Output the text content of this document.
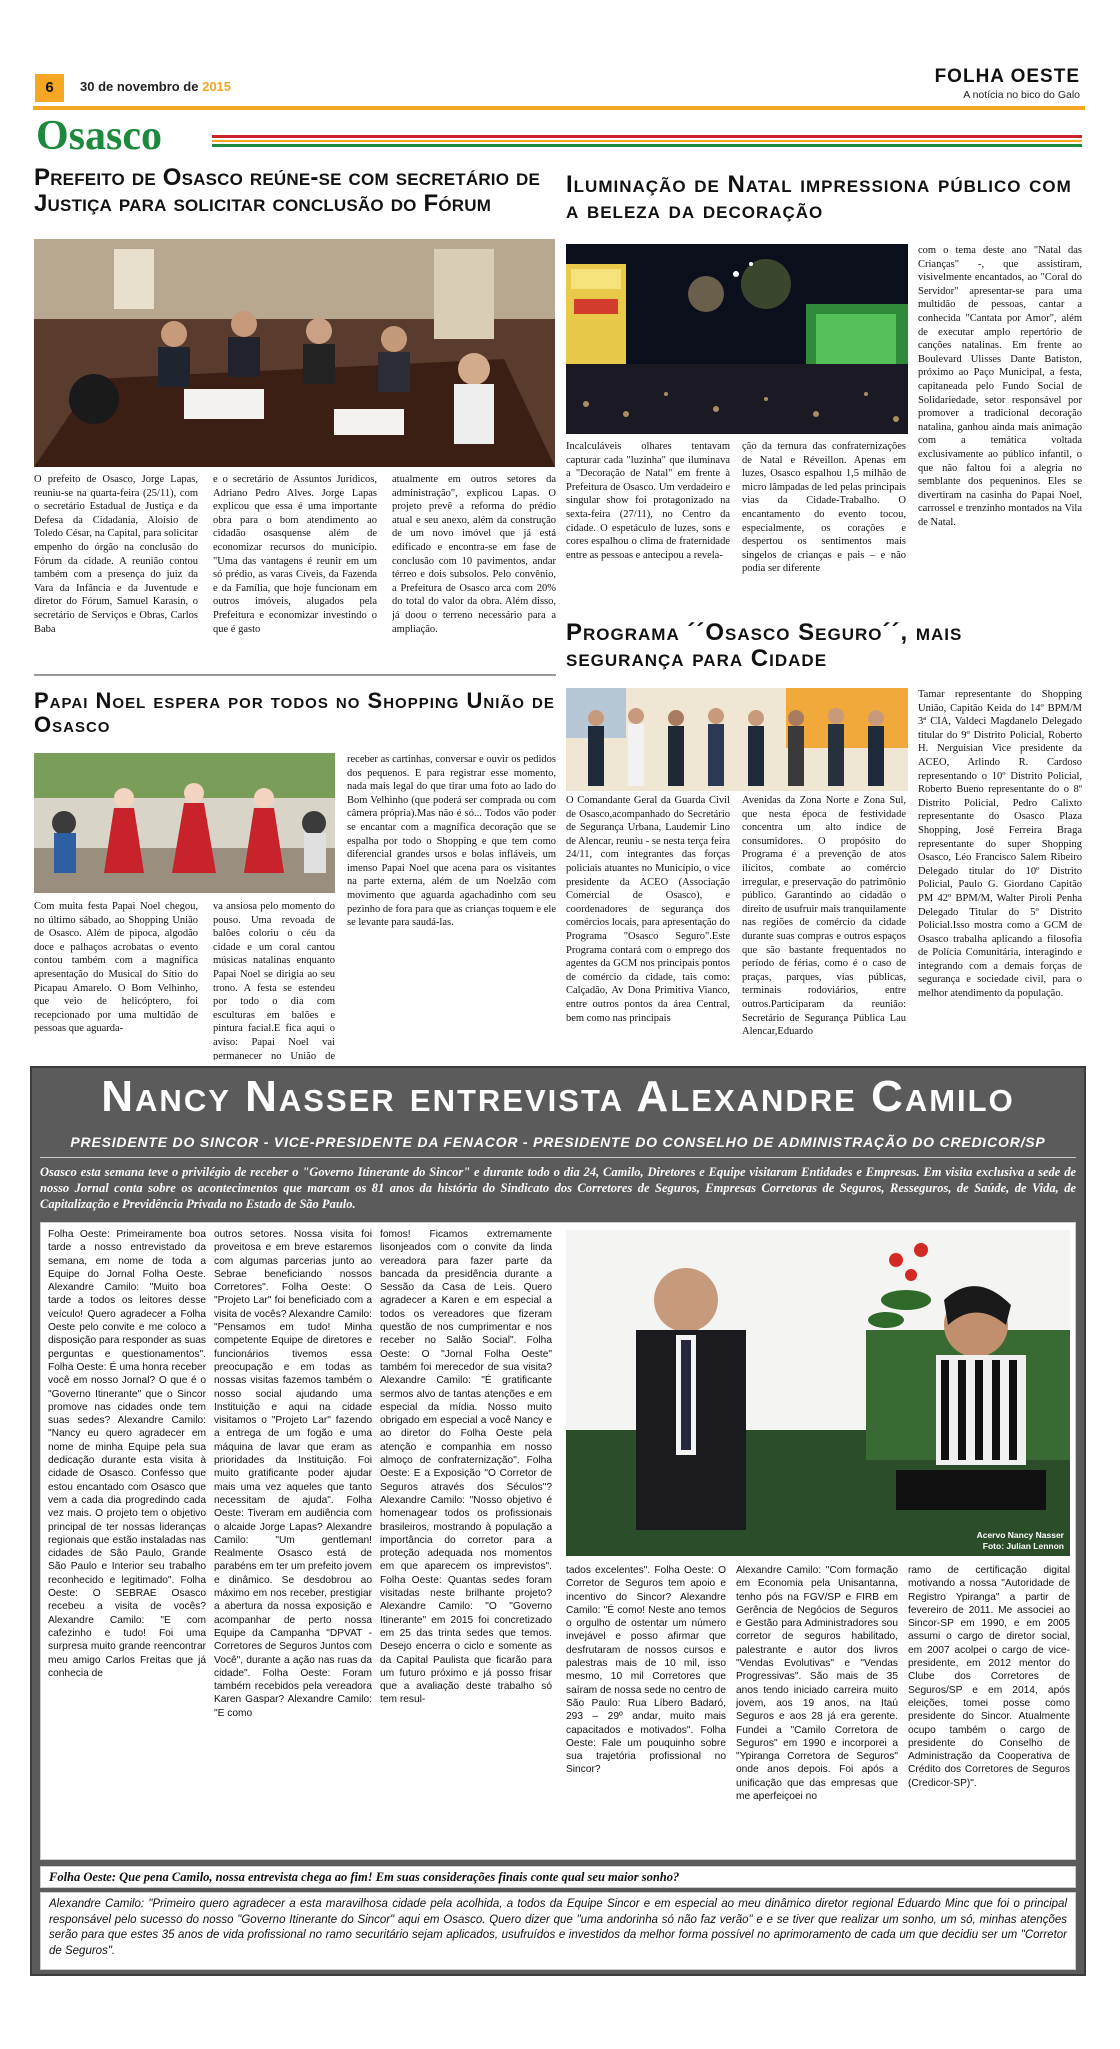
6	30 de novembro de 2015	FOLHA OESTE
A notícia no bico do Galo
Osasco
Prefeito de Osasco reúne-se com secretário de Justiça para solicitar conclusão do Fórum
O prefeito de Osasco, Jorge Lapas, reuniu-se na quarta-feira (25/11), com o secretário Estadual de Justiça e da Defesa da Cidadania, Aloísio de Toledo César, na Capital, para solicitar empenho do órgão na conclusão do Fórum da cidade. A reunião contou também com a presença do juiz da Vara da Infância e da Juventude e diretor do Fórum, Samuel Karasin, o secretário de Serviços e Obras, Carlos Baba
e o secretário de Assuntos Jurídicos, Adriano Pedro Alves. Jorge Lapas explicou que essa é uma importante obra para o bom atendimento ao cidadão osasquense além de economizar recursos do município. "Uma das vantagens é reunir em um só prédio, as varas Cíveis, da Fazenda e da Família, que hoje funcionam em outros imóveis, alugados pela Prefeitura e economizar investindo o que é gasto
atualmente em outros setores da administração", explicou Lapas. O projeto prevê a reforma do prédio atual e seu anexo, além da construção de um novo imóvel que já está edificado e encontra-se em fase de conclusão com 10 pavimentos, andar térreo e dois subsolos. Pelo convênio, a Prefeitura de Osasco arca com 20% do total do valor da obra. Além disso, já doou o terreno necessário para a ampliação.
Iluminação de Natal impressiona público com a beleza da decoração
com o tema deste ano "Natal das Crianças" -, que assistiram, visivelmente encantados, ao "Coral do Servidor" apresentar-se para uma multidão de pessoas, cantar a conhecida "Cantata por Amor", além de executar amplo repertório de canções natalinas. Em frente ao Boulevard Ulisses Dante Batiston, próximo ao Paço Municipal, a festa, capitaneada pelo Fundo Social de Solidariedade, setor responsável por promover a tradicional decoração natalina, ganhou ainda mais animação com a temática voltada exclusivamente ao público infantil, o que não faltou foi a alegria no semblante dos pequeninos. Eles se divertiram na casinha do Papai Noel, carrossel e trenzinho montados na Vila de Natal.
Incalculáveis olhares tentavam capturar cada "luzinha" que iluminava a "Decoração de Natal" em frente à Prefeitura de Osasco. Um verdadeiro e singular show foi protagonizado na sexta-feira (27/11), no Centro da cidade. O espetáculo de luzes, sons e cores espalhou o clima de fraternidade entre as pessoas e antecipou a revela-
ção da ternura das confraternizações de Natal e Réveillon. Apenas em luzes, Osasco espalhou 1,5 milhão de micro lâmpadas de led pelas principais vias da Cidade-Trabalho. O encantamento do evento tocou, especialmente, os corações e despertou os sentimentos mais singelos de crianças e pais – e não podia ser diferente
Papai Noel espera por todos no Shopping União de Osasco
Com muita festa Papai Noel chegou, no último sábado, ao Shopping União de Osasco. Além de pipoca, algodão doce e palhaços acrobatas o evento contou também com a magnífica apresentação do Musical do Sítio do Picapau Amarelo. O Bom Velhinho, que veio de helicóptero, foi recepcionado por uma multidão de pessoas que aguarda-
va ansiosa pelo momento do pouso. Uma revoada de balões coloriu o céu da cidade e um coral cantou músicas natalinas enquanto Papai Noel se dirigia ao seu trono. A festa se estendeu por todo o dia com esculturas em balões e pintura facial.E fica aqui o aviso: Papai Noel vai permanecer no União de
receber as cartinhas, conversar e ouvir os pedidos dos pequenos. E para registrar esse momento, nada mais legal do que tirar uma foto ao lado do Bom Velhinho (que poderá ser comprada ou com câmera própria).Mas não é só... Todos vão poder se encantar com a magnífica decoração que se espalha por todo o Shopping e que tem como diferencial grandes ursos e bolas infláveis, um imenso Papai Noel que acena para os visitantes na parte externa, além de um Noelzão com movimento que aguarda agachadinho com seu pezinho de fora para que as crianças toquem e ele se levante para saudá-las.
Programa ´´Osasco Seguro´´, mais segurança para Cidade
O Comandante Geral da Guarda Civil de Osasco,acompanhado do Secretário de Segurança Urbana, Laudemir Lino de Alencar, reuniu - se nesta terça feira 24/11, com integrantes das forças policiais atuantes no Município, o vice presidente da ACEO (Associação Comercial de Osasco), e coordenadores de segurança dos comércios locais, para apresentação do Programa "Osasco Seguro".Este Programa contará com o emprego dos agentes da GCM nos principais pontos de comércio da cidade, tais como: Calçadão, Av Dona Primitiva Vianco, entre outros pontos da área Central, bem como nas principais
Avenidas da Zona Norte e Zona Sul, que nesta época de festividade concentra um alto índice de consumidores. O propósito do Programa é a prevenção de atos ilícitos, combate ao comércio irregular, e preservação do patrimônio público. Garantindo ao cidadão o direito de usufruir mais tranquilamente nas regiões de comércio da cidade durante suas compras e outros espaços que são bastante frequentados no período de férias, como é o caso de praças, parques, vias públicas, terminais rodoviários, entre outros.Participaram da reunião: Secretário de Segurança Pública Lau Alencar,Eduardo
Tamar representante do Shopping União, Capitão Keida do 14º BPM/M 3ª CIA, Valdeci Magdanelo Delegado titular do 9º Distrito Policial, Roberto H. Nerguisian Vice presidente da ACEO, Arlindo R. Cardoso representando o 10º Distrito Policial, Roberto Bueno representante do o 8º Distrito Policial, Pedro Calixto representante do Osasco Plaza Shopping, José Ferreira Braga representante do super Shopping Osasco, Léo Francisco Salem Ribeiro Delegado titular do 10º Distrito Policial, Paulo G. Giordano Capitão PM 42º BPM/M, Walter Piroli Penha Delegado Titular do 5º Distrito Policial.Isso mostra como a GCM de Osasco trabalha aplicando a filosofia de Polícia Comunitária, interagindo e integrando com a demais forças de segurança e sociedade civil, para o melhor atendimento da população.
Nancy Nasser entrevista Alexandre Camilo
PRESIDENTE DO SINCOR - VICE-PRESIDENTE DA FENACOR - PRESIDENTE DO CONSELHO DE ADMINISTRAÇÃO DO CREDICOR/SP
Osasco esta semana teve o privilégio de receber o "Governo Itinerante do Sincor" e durante todo o dia 24, Camilo, Diretores e Equipe visitaram Entidades e Empresas. Em visita exclusiva a sede de nosso Jornal conta sobre os acontecimentos que marcam os 81 anos da história do Sindicato dos Corretores de Seguros, Empresas Corretoras de Seguros, Resseguros, de Saúde, de Vida, de Capitalização e Previdência Privada no Estado de São Paulo.
Folha Oeste: Primeiramente boa tarde a nosso entrevistado da semana, em nome de toda a Equipe do Jornal Folha Oeste. Alexandre Camilo: "Muito boa tarde a todos os leitores desse veículo! Quero agradecer a Folha Oeste pelo convite e me coloco a disposição para responder as suas perguntas e questionamentos". Folha Oeste: É uma honra receber você em nosso Jornal? O que é o "Governo Itinerante" que o Sincor promove nas cidades onde tem suas sedes? Alexandre Camilo: "Nancy eu quero agradecer em nome de minha Equipe pela sua dedicação durante esta visita à cidade de Osasco. Confesso que estou encantado com Osasco que vem a cada dia progredindo cada vez mais. O projeto tem o objetivo principal de ter nossas lideranças regionais que estão instaladas nas cidades de São Paulo, Grande São Paulo e Interior seu trabalho reconhecido e legitimado". Folha Oeste: O SEBRAE Osasco recebeu a visita de vocês? Alexandre Camilo: "E com cafezinho e tudo! Foi uma surpresa muito grande reencontrar meu amigo Carlos Freitas que já conhecia de
outros setores. Nossa visita foi proveitosa e em breve estaremos com algumas parcerias junto ao Sebrae beneficiando nossos Corretores". Folha Oeste: O "Projeto Lar" foi beneficiado com a visita de vocês? Alexandre Camilo: "Pensamos em tudo! Minha competente Equipe de diretores e funcionários tivemos essa preocupação e em todas as nossas visitas fazemos também o nosso social ajudando uma Instituição e aqui na cidade visitamos o "Projeto Lar" fazendo a entrega de um fogão e uma máquina de lavar que eram as prioridades da Instituição. Foi muito gratificante poder ajudar mais uma vez aqueles que tanto necessitam de ajuda". Folha Oeste: Tiveram em audiência com o alcaide Jorge Lapas? Alexandre Camilo: "Um gentleman! Realmente Osasco está de parabéns em ter um prefeito jovem e dinâmico. Se desdobrou ao máximo em nos receber, prestigiar a abertura da nossa exposição e acompanhar de perto nossa Equipe da Campanha "DPVAT - Corretores de Seguros Juntos com Você", durante a ação nas ruas da cidade". Folha Oeste: Foram também recebidos pela vereadora Karen Gaspar? Alexandre Camilo: "E como
fomos! Ficamos extremamente lisonjeados com o convite da linda vereadora para fazer parte da bancada da presidência durante a Sessão da Casa de Leis. Quero agradecer a Karen e em especial a todos os vereadores que fizeram questão de nos cumprimentar e nos receber no Salão Social". Folha Oeste: O "Jornal Folha Oeste" também foi merecedor de sua visita? Alexandre Camilo: "É gratificante sermos alvo de tantas atenções e em especial da mídia. Nosso muito obrigado em especial a você Nancy e ao diretor do Folha Oeste pela atenção e companhia em nosso almoço de confraternização". Folha Oeste: E a Exposição "O Corretor de Seguros através dos Séculos"? Alexandre Camilo: "Nosso objetivo é homenagear todos os profissionais brasileiros, mostrando à população a importância do corretor para a proteção adequada nos momentos em que aparecem os imprevistos". Folha Oeste: Quantas sedes foram visitadas neste brilhante projeto? Alexandre Camilo: "O "Governo Itinerante" em 2015 foi concretizado em 25 das trinta sedes que temos. Desejo encerra o ciclo e somente as da Capital Paulista que ficarão para um futuro próximo e já posso frisar que a avaliação deste trabalho só tem resul-
Acervo Nancy Nasser
Foto: Julian Lennon
tados excelentes". Folha Oeste: O Corretor de Seguros tem apoio e incentivo do Sincor? Alexandre Camilo: "É como! Neste ano temos o orgulho de ostentar um número invejável e posso afirmar que desfrutaram de nossos cursos e palestras mais de 10 mil, isso mesmo, 10 mil Corretores que saíram de nossa sede no centro de São Paulo: Rua Líbero Badaró, 293 – 29º andar, muito mais capacitados e motivados". Folha Oeste: Fale um pouquinho sobre sua trajetória profissional no Sincor?
Alexandre Camilo: "Com formação em Economia pela Unisantanna, tenho pós na FGV/SP e FIRB em Gerência de Negócios de Seguros e Gestão para Administradores sou corretor de seguros habilitado, palestrante e autor dos livros "Vendas Evolutivas" e "Vendas Progressivas". São mais de 35 anos tendo iniciado carreira muito jovem, aos 19 anos, na Itaú Seguros e aos 28 já era gerente. Fundei a "Camilo Corretora de Seguros" em 1990 e incorporei a "Ypiranga Corretora de Seguros" onde anos depois. Foi após a unificação que das empresas que me aperfeiçoei no
ramo de certificação digital motivando a nossa "Autoridade de Registro Ypiranga" a partir de fevereiro de 2011. Me associei ao Sincor-SP em 1990, e em 2005 assumi o cargo de diretor social, em 2007 acolpei o cargo de vice-presidente, em 2012 mentor do Clube dos Corretores de Seguros/SP e em 2014, após eleições, tomei posse como presidente do Sincor. Atualmente ocupo também o cargo de presidente do Conselho de Administração da Cooperativa de Crédito dos Corretores de Seguros (Credicor-SP)".
Folha Oeste: Que pena Camilo, nossa entrevista chega ao fim! Em suas considerações finais conte qual seu maior sonho?
Alexandre Camilo: "Primeiro quero agradecer a esta maravilhosa cidade pela acolhida, a todos da Equipe Sincor e em especial ao meu dinâmico diretor regional Eduardo Minc que foi o principal responsável pelo sucesso do nosso "Governo Itinerante do Sincor" aqui em Osasco. Quero dizer que "uma andorinha só não faz verão" e e se tiver que realizar um sonho, um só, minhas atenções serão para que estes 35 anos de vida profissional no ramo securitário sejam aplicados, usufruídos e investidos da melhor forma possível no aprimoramento de cada um que decidiu ser um "Corretor de Seguros".
